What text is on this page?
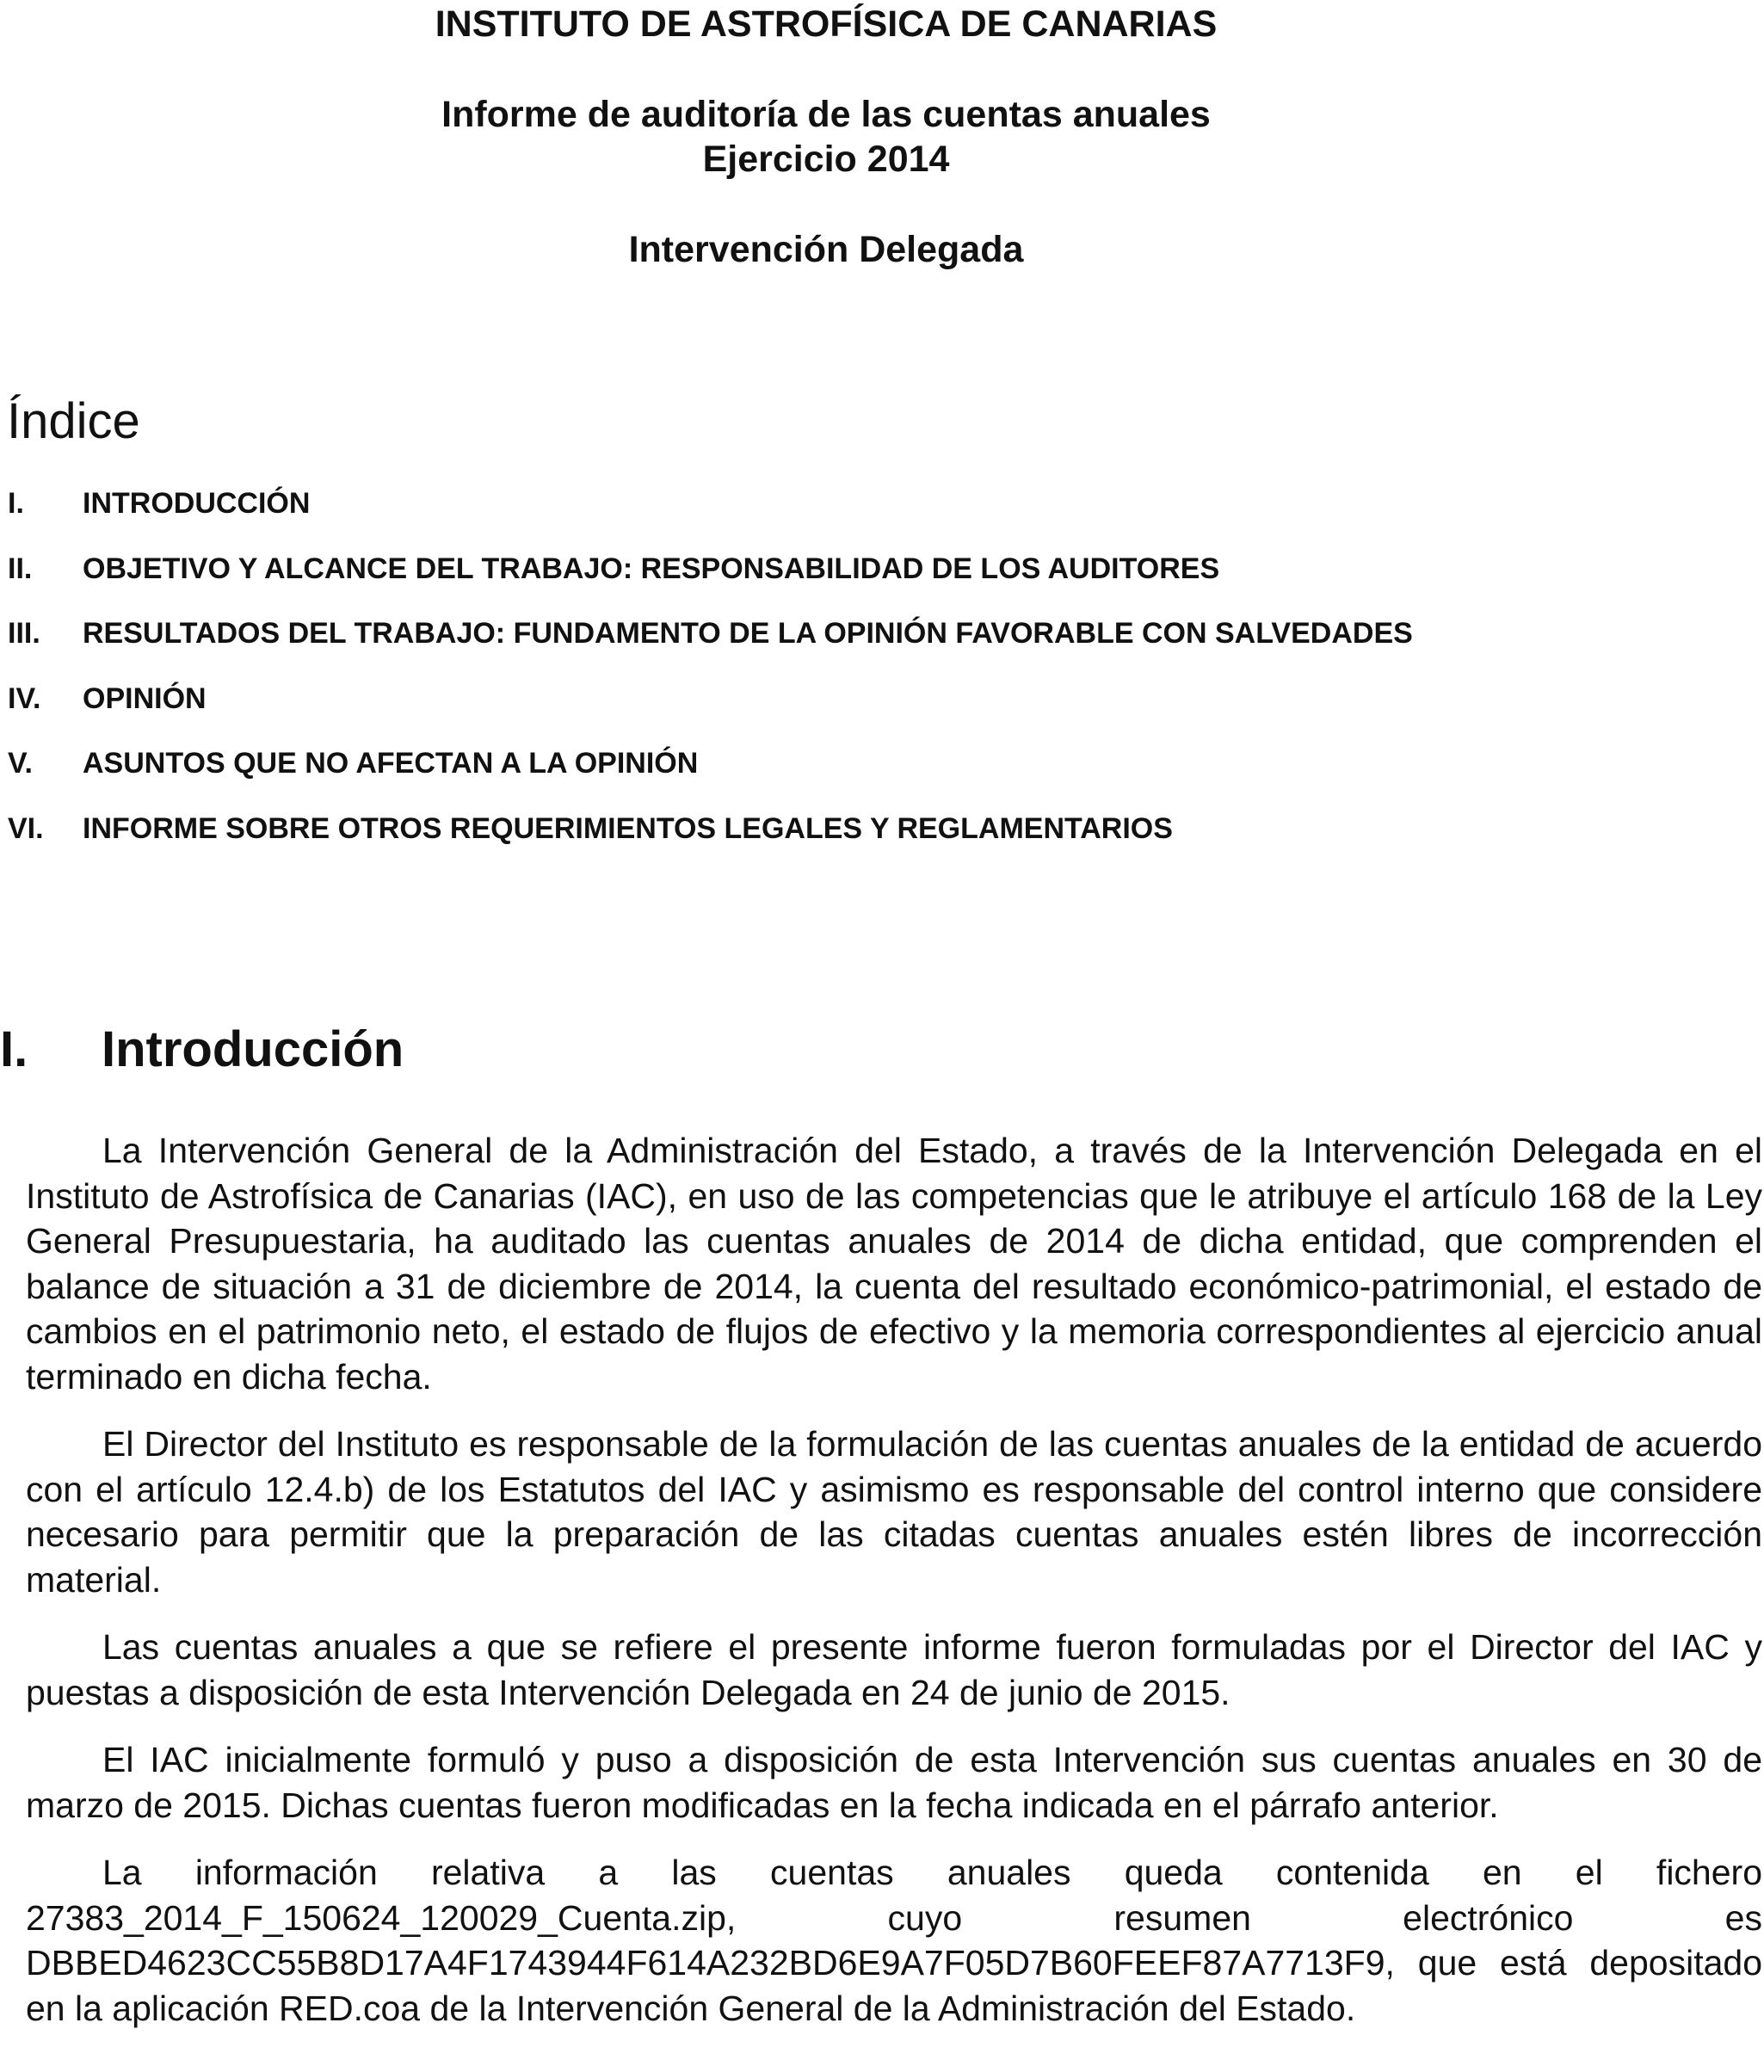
INSTITUTO DE ASTROFÍSICA DE CANARIAS
Informe de auditoría de las cuentas anuales
Ejercicio 2014
Intervención Delegada
Índice
I. INTRODUCCIÓN
II. OBJETIVO Y ALCANCE DEL TRABAJO: RESPONSABILIDAD DE LOS AUDITORES
III. RESULTADOS DEL TRABAJO: FUNDAMENTO DE LA OPINIÓN FAVORABLE CON SALVEDADES
IV. OPINIÓN
V. ASUNTOS QUE NO AFECTAN A LA OPINIÓN
VI. INFORME SOBRE OTROS REQUERIMIENTOS LEGALES Y REGLAMENTARIOS
I. Introducción

La Intervención General de la Administración del Estado, a través de la Intervención Delegada en el Instituto de Astrofísica de Canarias (IAC), en uso de las competencias que le atribuye el artículo 168 de la Ley General Presupuestaria, ha auditado las cuentas anuales de 2014 de dicha entidad, que comprenden el balance de situación a 31 de diciembre de 2014, la cuenta del resultado económico-patrimonial, el estado de cambios en el patrimonio neto, el estado de flujos de efectivo y la memoria correspondientes al ejercicio anual terminado en dicha fecha.

El Director del Instituto es responsable de la formulación de las cuentas anuales de la entidad de acuerdo con el artículo 12.4.b) de los Estatutos del IAC y asimismo es responsable del control interno que considere necesario para permitir que la preparación de las citadas cuentas anuales estén libres de incorrección material.

Las cuentas anuales a que se refiere el presente informe fueron formuladas por el Director del IAC y puestas a disposición de esta Intervención Delegada en 24 de junio de 2015.

El IAC inicialmente formuló y puso a disposición de esta Intervención sus cuentas anuales en 30 de marzo de 2015. Dichas cuentas fueron modificadas en la fecha indicada en el párrafo anterior.

La información relativa a las cuentas anuales queda contenida en el fichero 27383_2014_F_150624_120029_Cuenta.zip, cuyo resumen electrónico es DBBED4623CC55B8D17A4F1743944F614A232BD6E9A7F05D7B60FEEF87A7713F9, que está depositado en la aplicación RED.coa de la Intervención General de la Administración del Estado.
